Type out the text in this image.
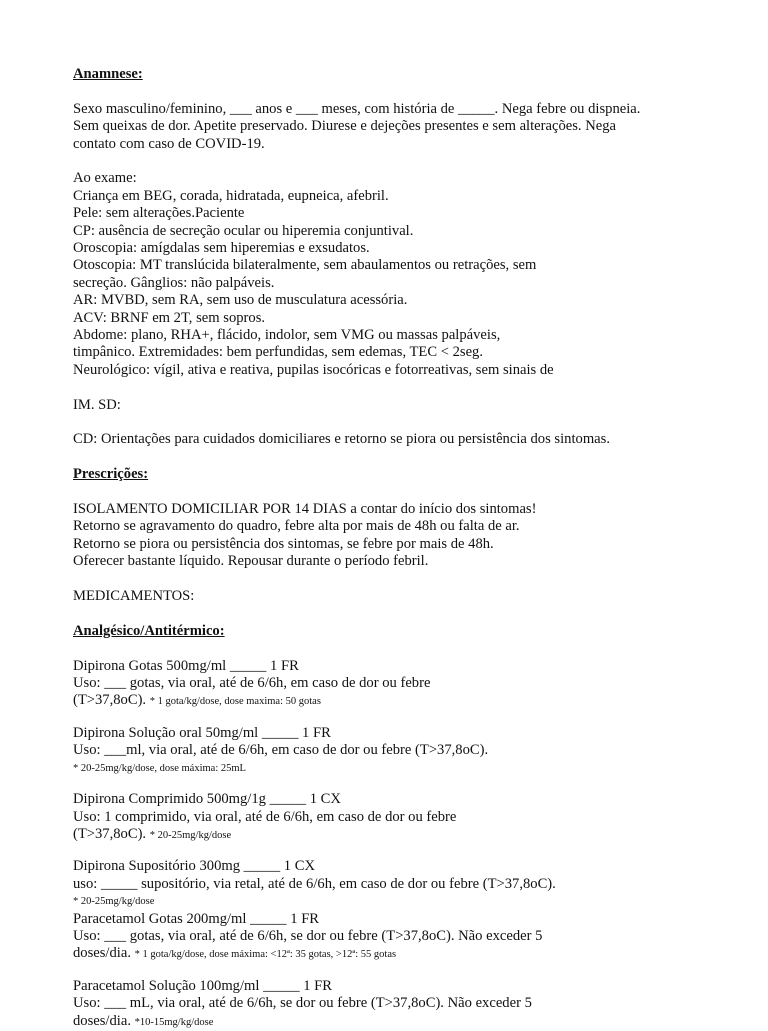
Anamnese:
Sexo masculino/feminino, ___ anos e ___ meses, com história de _____. Nega febre ou dispneia.
Sem queixas de dor. Apetite preservado. Diurese e dejeções presentes e sem alterações. Nega
contato com caso de COVID-19.
Ao exame:
Criança em BEG, corada, hidratada, eupneica, afebril.
Pele: sem alterações.Paciente
CP: ausência de secreção ocular ou hiperemia conjuntival.
Oroscopia: amígdalas sem hiperemias e exsudatos.
Otoscopia: MT translúcida bilateralmente, sem abaulamentos ou retrações, sem
secreção. Gânglios: não palpáveis.
AR: MVBD, sem RA, sem uso de musculatura acessória.
ACV: BRNF em 2T, sem sopros.
Abdome: plano, RHA+, flácido, indolor, sem VMG ou massas palpáveis,
timpânico. Extremidades: bem perfundidas, sem edemas, TEC < 2seg.
Neurológico: vígil, ativa e reativa, pupilas isocóricas e fotorreativas, sem sinais de
IM. SD:
CD: Orientações para cuidados domiciliares e retorno se piora ou persistência dos sintomas.
Prescrições:
ISOLAMENTO DOMICILIAR POR 14 DIAS a contar do início dos sintomas!
Retorno se agravamento do quadro, febre alta por mais de 48h ou falta de ar.
Retorno se piora ou persistência dos sintomas, se febre por mais de 48h.
Oferecer bastante líquido. Repousar durante o período febril.
MEDICAMENTOS:
Analgésico/Antitérmico:
Dipirona Gotas 500mg/ml _____ 1 FR
Uso: ___ gotas, via oral, até de 6/6h, em caso de dor ou febre
(T>37,8oC). * 1 gota/kg/dose, dose maxima: 50 gotas
Dipirona Solução oral 50mg/ml _____ 1 FR
Uso: ___ml, via oral, até de 6/6h, em caso de dor ou febre (T>37,8oC).
* 20-25mg/kg/dose, dose máxima: 25mL
Dipirona Comprimido 500mg/1g _____ 1 CX
Uso: 1 comprimido, via oral, até de 6/6h, em caso de dor ou febre
(T>37,8oC). * 20-25mg/kg/dose
Dipirona Supositório 300mg _____ 1 CX
uso: _____ supositório, via retal, até de 6/6h, em caso de dor ou febre (T>37,8oC).
* 20-25mg/kg/dose
Paracetamol Gotas 200mg/ml _____ 1 FR
Uso: ___ gotas, via oral, até de 6/6h, se dor ou febre (T>37,8oC). Não exceder 5
doses/dia. * 1 gota/kg/dose, dose máxima: <12ª: 35 gotas, >12ª: 55 gotas
Paracetamol Solução 100mg/ml _____ 1 FR
Uso: ___ mL, via oral, até de 6/6h, se dor ou febre (T>37,8oC). Não exceder 5
doses/dia. *10-15mg/kg/dose
